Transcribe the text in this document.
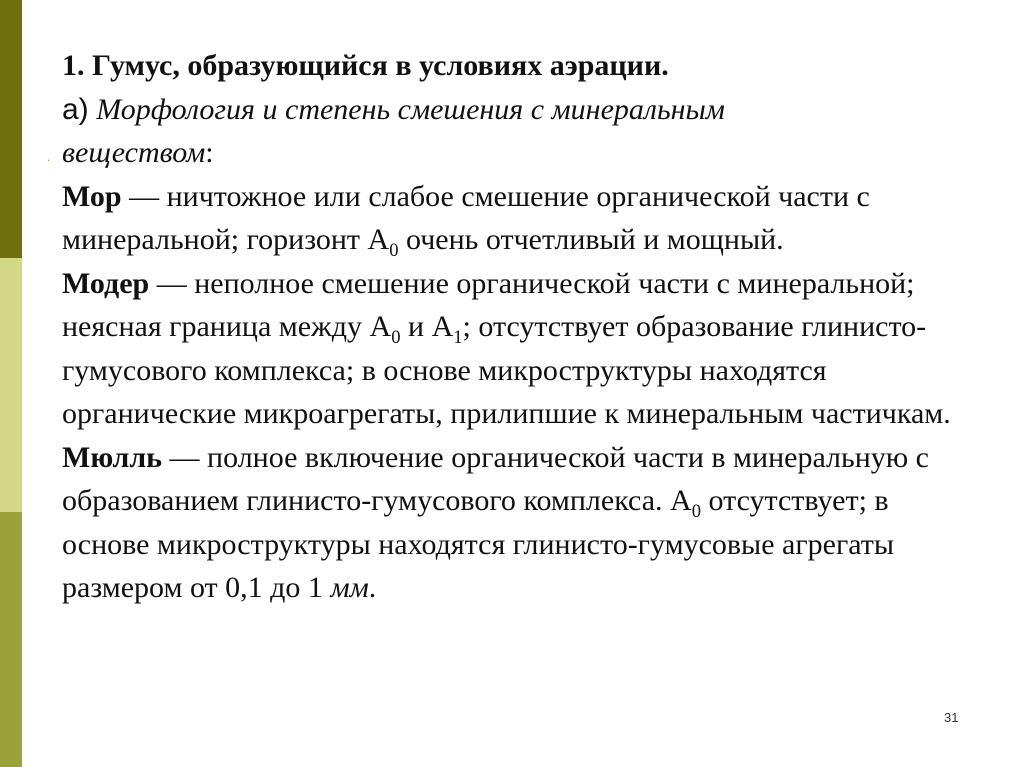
.

1. Гумус, образующийся в условиях аэрации.

а) Морфология и степень смешения с минеральным
веществом:

Мор — ничтожное или слабое смешение органической части с минеральной; горизонт $А_0$ очень отчетливый и мощный.

Модер — неполное смешение органической части с минеральной; неясная граница между $А_0$ и $А_1$; отсутствует образование глинисто-гумусового комплекса; в основе микроструктуры находятся органические микроагрегаты, прилипшие к минеральным частичкам.

Мюлль — полное включение органической части в минеральную с образованием глинисто-гумусового комплекса. $А_0$ отсутствует; в основе микроструктуры находятся глинисто-гумусовые агрегаты размером от 0,1 до 1 мм.

31
